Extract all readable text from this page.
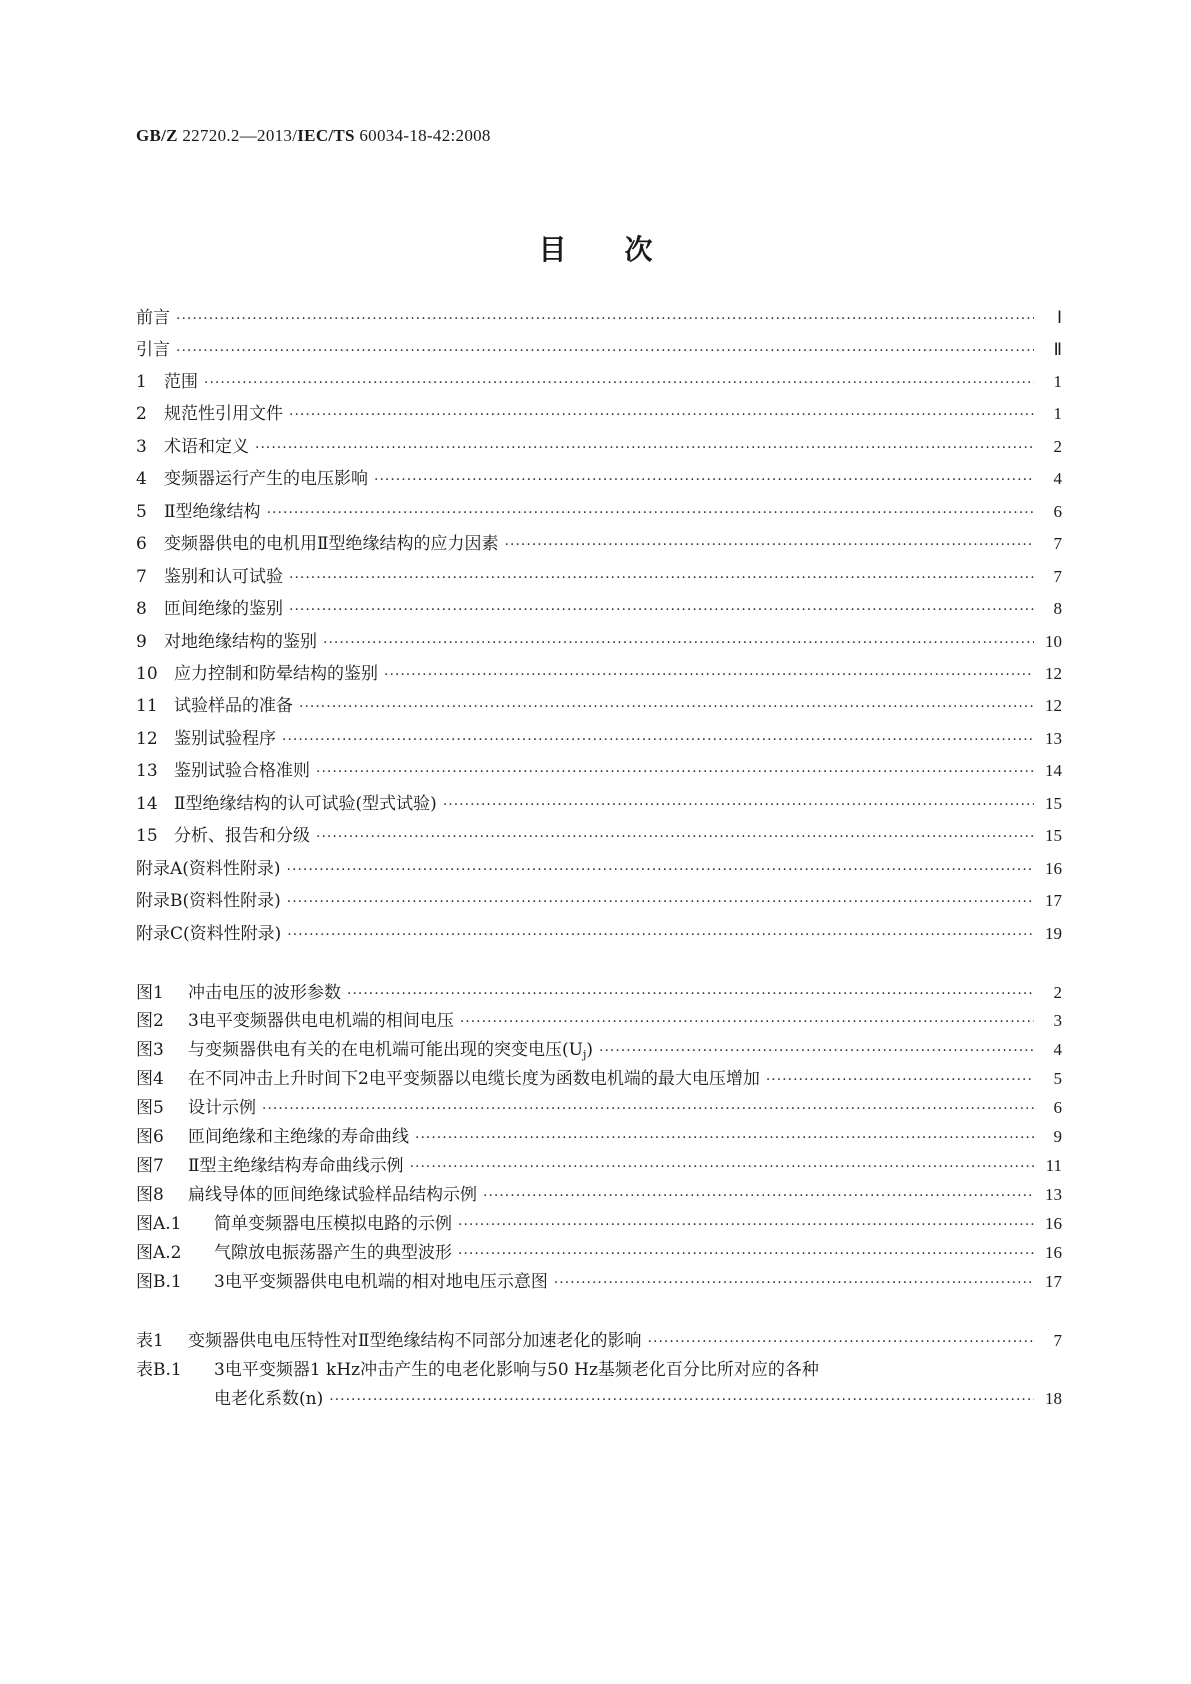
GB/Z 22720.2—2013/IEC/TS 60034-18-42:2008
目次
前言 ·····	Ⅰ
引言 ·····	Ⅱ
1	范围 ·····	1
2	规范性引用文件 ·····	1
3	术语和定义 ·····	2
4	变频器运行产生的电压影响 ·····	4
5	Ⅱ型绝缘结构 ·····	6
6	变频器供电的电机用Ⅱ型绝缘结构的应力因素 ·····	7
7	鉴别和认可试验 ·····	7
8	匝间绝缘的鉴别 ·····	8
9	对地绝缘结构的鉴别 ·····	10
10 应力控制和防晕结构的鉴别 ·····	12
11 试验样品的准备 ·····	12
12 鉴别试验程序 ·····	13
13 鉴别试验合格准则 ·····	14
14 Ⅱ型绝缘结构的认可试验(型式试验) ·····	15
15 分析、报告和分级 ·····	15
附录A(资料性附录) ·····	16
附录B(资料性附录) ·····	17
附录C(资料性附录) ·····	19
图1	冲击电压的波形参数 ·····	2
图2	3电平变频器供电电机端的相间电压 ·····	3
图3	与变频器供电有关的在电机端可能出现的突变电压$(U_j)$ ·····	4
图4	在不同冲击上升时间下2电平变频器以电缆长度为函数电机端的最大电压增加 ·····	5
图5	设计示例 ·····	6
图6	匝间绝缘和主绝缘的寿命曲线 ·····	9
图7	Ⅱ型主绝缘结构寿命曲线示例 ·····	11
图8	扁线导体的匝间绝缘试验样品结构示例 ·····	13
图A.1	简单变频器电压模拟电路的示例 ·····	16
图A.2	气隙放电振荡器产生的典型波形 ·····	16
图B.1	3电平变频器供电电机端的相对地电压示意图 ·····	17
表1	变频器供电电压特性对Ⅱ型绝缘结构不同部分加速老化的影响 ·····	7
表B.1	3电平变频器1 kHz冲击产生的电老化影响与50 Hz基频老化百分比所对应的各种
电老化系数(n) ·····	18
